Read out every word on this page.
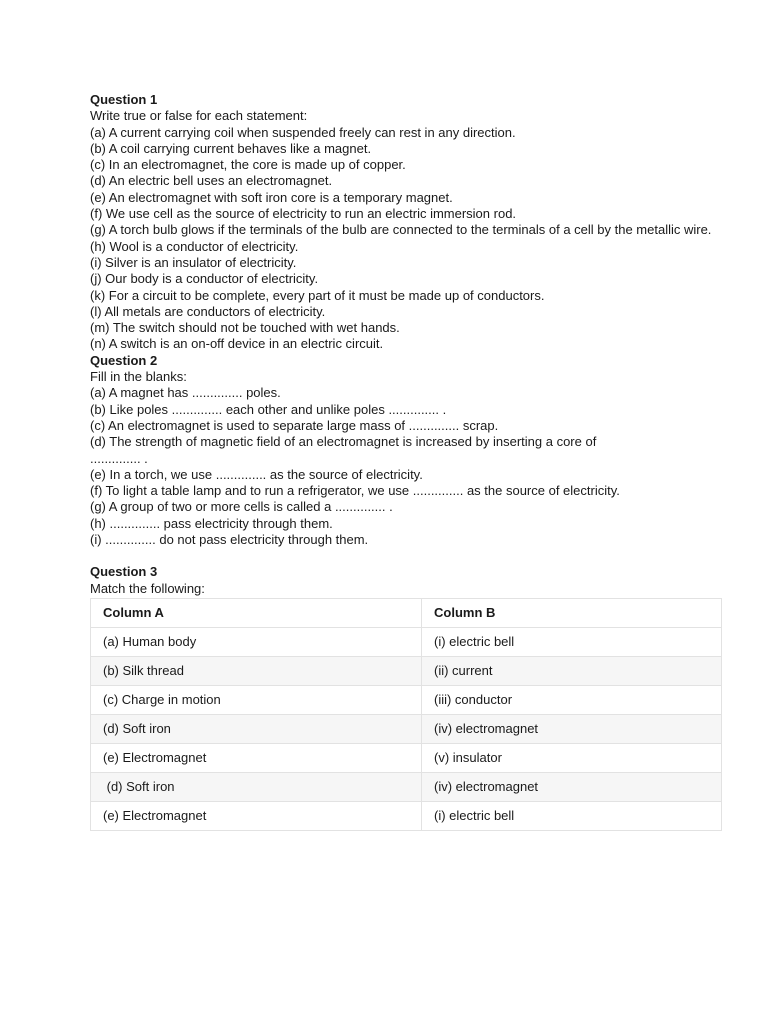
Question 1
Write true or false for each statement:
(a) A current carrying coil when suspended freely can rest in any direction.
(b) A coil carrying current behaves like a magnet.
(c) In an electromagnet, the core is made up of copper.
(d) An electric bell uses an electromagnet.
(e) An electromagnet with soft iron core is a temporary magnet.
(f) We use cell as the source of electricity to run an electric immersion rod.
(g) A torch bulb glows if the terminals of the bulb are connected to the terminals of a cell by the metallic wire.
(h) Wool is a conductor of electricity.
(i) Silver is an insulator of electricity.
(j) Our body is a conductor of electricity.
(k) For a circuit to be complete, every part of it must be made up of conductors.
(l) All metals are conductors of electricity.
(m) The switch should not be touched with wet hands.
(n) A switch is an on-off device in an electric circuit.
Question 2
Fill in the blanks:
(a) A magnet has .............. poles.
(b) Like poles .............. each other and unlike poles .............. .
(c) An electromagnet is used to separate large mass of .............. scrap.
(d) The strength of magnetic field of an electromagnet is increased by inserting a core of .............. .
(e) In a torch, we use .............. as the source of electricity.
(f) To light a table lamp and to run a refrigerator, we use .............. as the source of electricity.
(g) A group of two or more cells is called a .............. .
(h) .............. pass electricity through them.
(i) .............. do not pass electricity through them.
Question 3
Match the following:
Column A	Column B
(a) Human body	(i) electric bell
(b) Silk thread	(ii) current
(c) Charge in motion	(iii) conductor
(d) Soft iron	(iv) electromagnet
(e) Electromagnet	(v) insulator
(d) Soft iron	(iv) electromagnet
(e) Electromagnet	(i) electric bell
